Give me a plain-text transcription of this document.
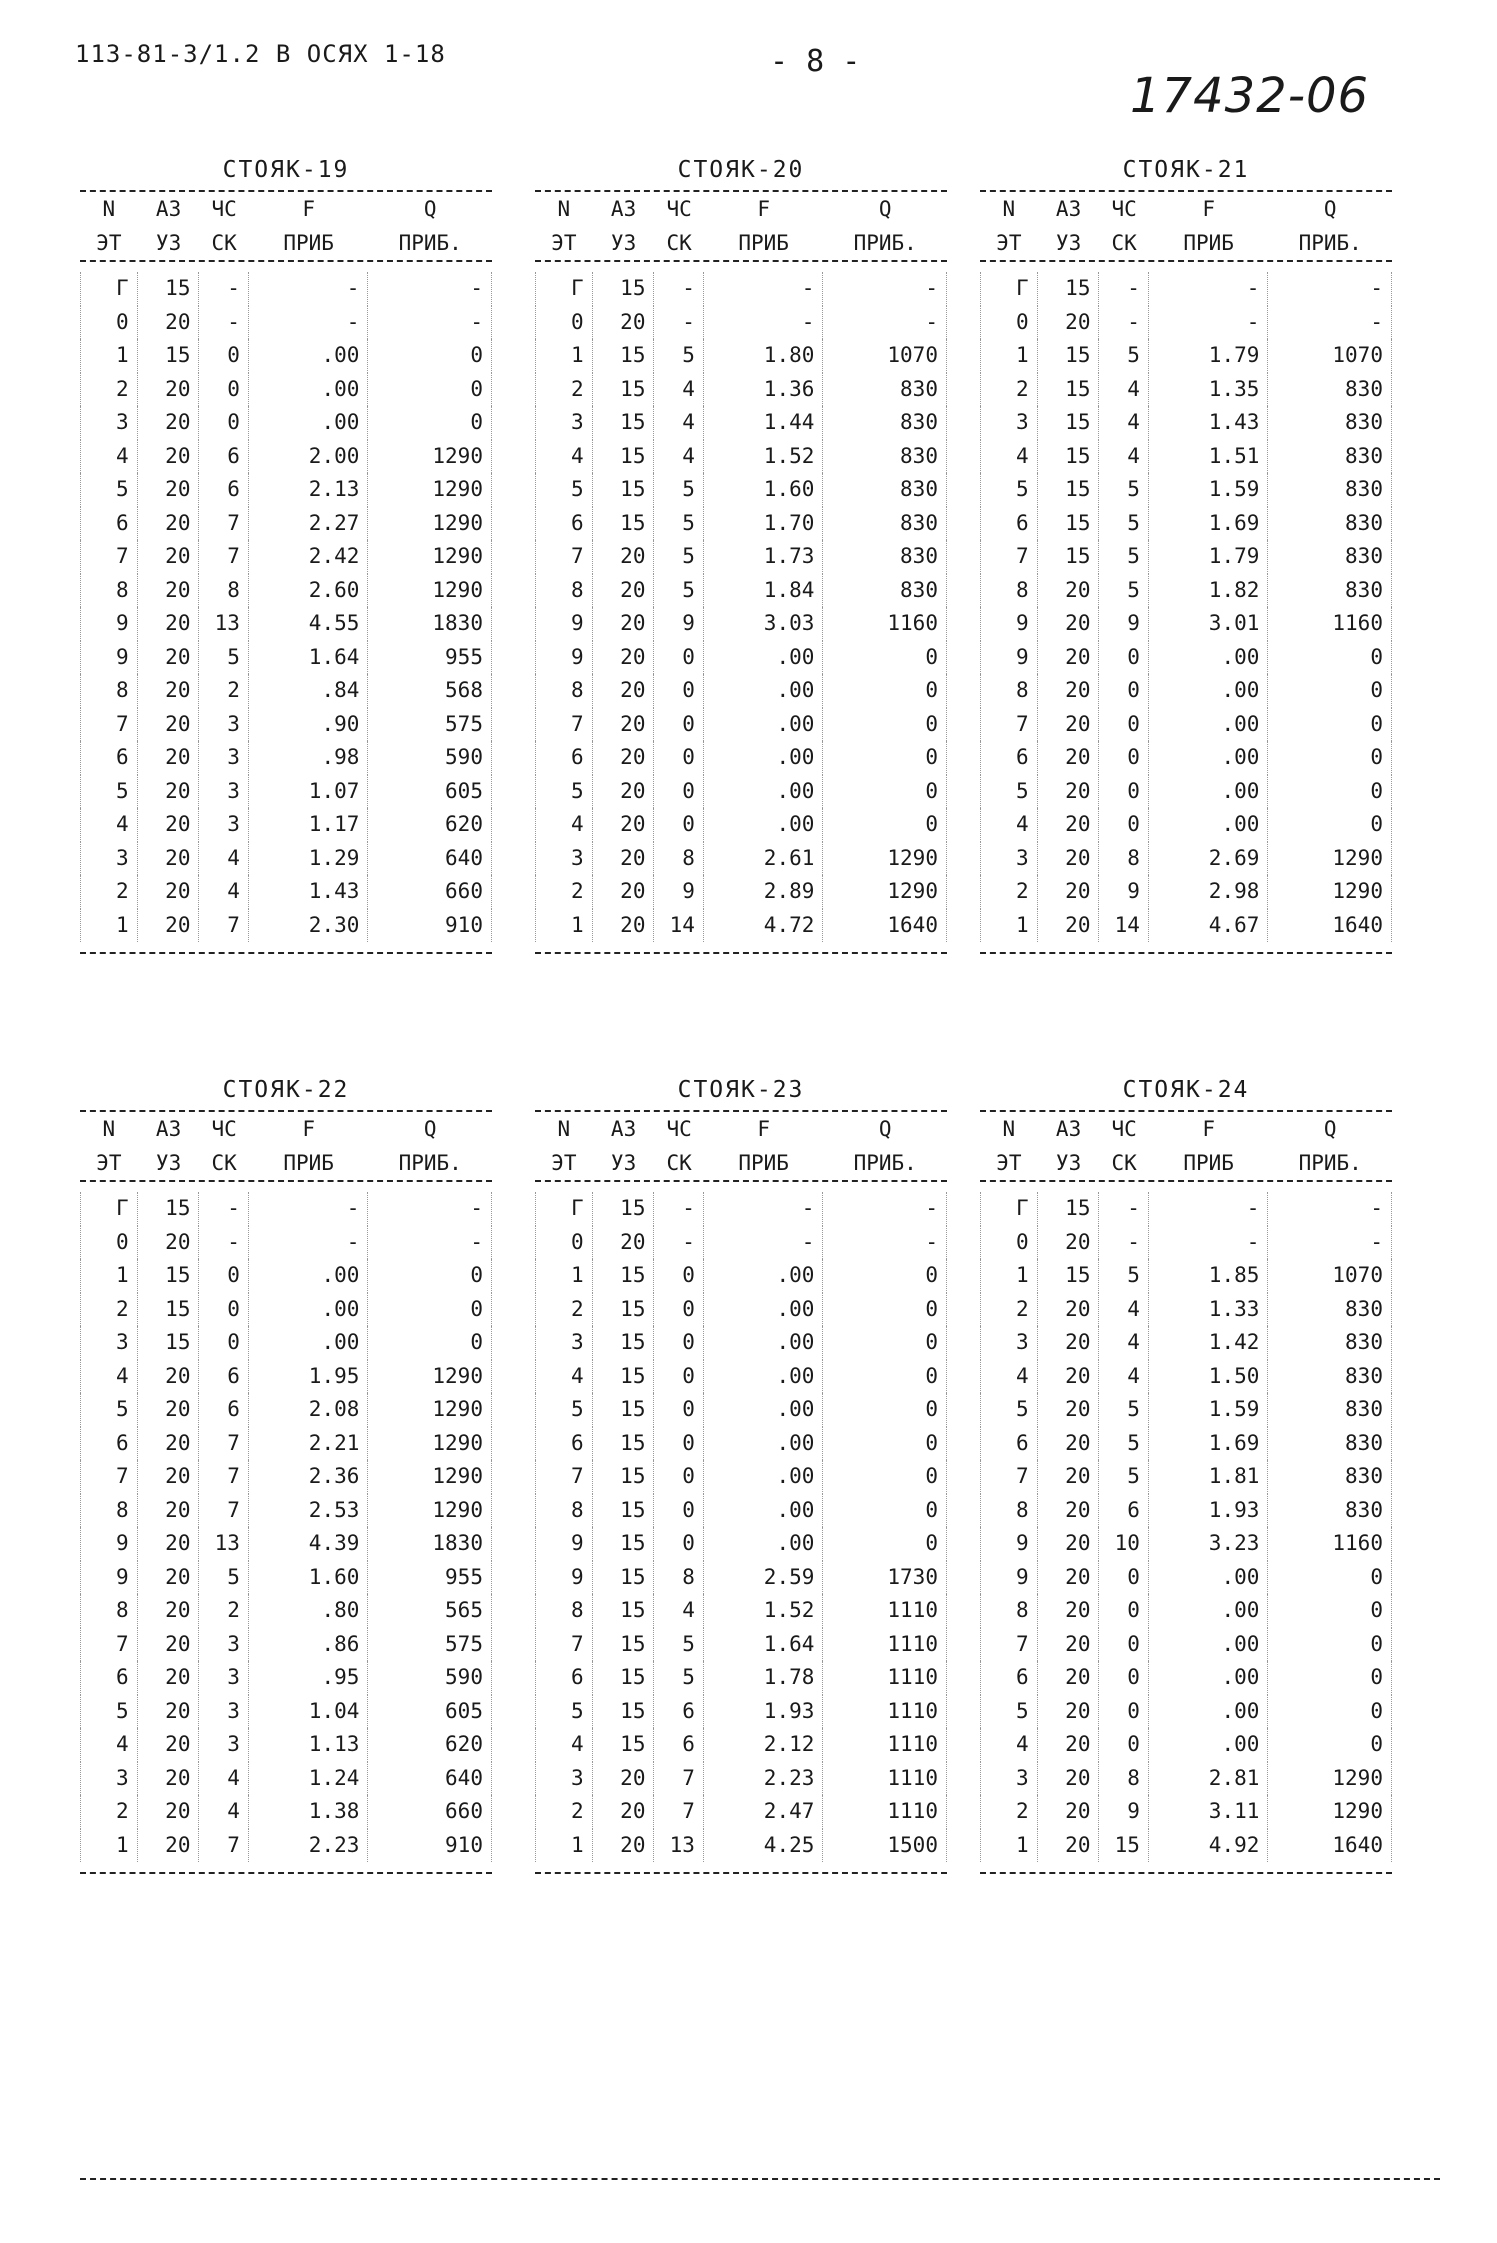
113-81-3/1.2 В ОСЯХ 1-18	- 8 -
17432-06
СТОЯК-19
N	АЗ	ЧС	F	Q
ЭТ	УЗ	СК	ПРИБ	ПРИБ.
Г	15	-	-	-
0	20	-	-	-
1	15	0	.00	0
2	20	0	.00	0
3	20	0	.00	0
4	20	6	2.00	1290
5	20	6	2.13	1290
6	20	7	2.27	1290
7	20	7	2.42	1290
8	20	8	2.60	1290
9	20	13	4.55	1830
9	20	5	1.64	955
8	20	2	.84	568
7	20	3	.90	575
6	20	3	.98	590
5	20	3	1.07	605
4	20	3	1.17	620
3	20	4	1.29	640
2	20	4	1.43	660
1	20	7	2.30	910
СТОЯК-20
N	АЗ	ЧС	F	Q
ЭТ	УЗ	СК	ПРИБ	ПРИБ.
Г	15	-	-	-
0	20	-	-	-
1	15	5	1.80	1070
2	15	4	1.36	830
3	15	4	1.44	830
4	15	4	1.52	830
5	15	5	1.60	830
6	15	5	1.70	830
7	20	5	1.73	830
8	20	5	1.84	830
9	20	9	3.03	1160
9	20	0	.00	0
8	20	0	.00	0
7	20	0	.00	0
6	20	0	.00	0
5	20	0	.00	0
4	20	0	.00	0
3	20	8	2.61	1290
2	20	9	2.89	1290
1	20	14	4.72	1640
СТОЯК-21
N	АЗ	ЧС	F	Q
ЭТ	УЗ	СК	ПРИБ	ПРИБ.
Г	15	-	-	-
0	20	-	-	-
1	15	5	1.79	1070
2	15	4	1.35	830
3	15	4	1.43	830
4	15	4	1.51	830
5	15	5	1.59	830
6	15	5	1.69	830
7	15	5	1.79	830
8	20	5	1.82	830
9	20	9	3.01	1160
9	20	0	.00	0
8	20	0	.00	0
7	20	0	.00	0
6	20	0	.00	0
5	20	0	.00	0
4	20	0	.00	0
3	20	8	2.69	1290
2	20	9	2.98	1290
1	20	14	4.67	1640
СТОЯК-22
N	АЗ	ЧС	F	Q
ЭТ	УЗ	СК	ПРИБ	ПРИБ.
Г	15	-	-	-
0	20	-	-	-
1	15	0	.00	0
2	15	0	.00	0
3	15	0	.00	0
4	20	6	1.95	1290
5	20	6	2.08	1290
6	20	7	2.21	1290
7	20	7	2.36	1290
8	20	7	2.53	1290
9	20	13	4.39	1830
9	20	5	1.60	955
8	20	2	.80	565
7	20	3	.86	575
6	20	3	.95	590
5	20	3	1.04	605
4	20	3	1.13	620
3	20	4	1.24	640
2	20	4	1.38	660
1	20	7	2.23	910
СТОЯК-23
N	АЗ	ЧС	F	Q
ЭТ	УЗ	СК	ПРИБ	ПРИБ.
Г	15	-	-	-
0	20	-	-	-
1	15	0	.00	0
2	15	0	.00	0
3	15	0	.00	0
4	15	0	.00	0
5	15	0	.00	0
6	15	0	.00	0
7	15	0	.00	0
8	15	0	.00	0
9	15	0	.00	0
9	15	8	2.59	1730
8	15	4	1.52	1110
7	15	5	1.64	1110
6	15	5	1.78	1110
5	15	6	1.93	1110
4	15	6	2.12	1110
3	20	7	2.23	1110
2	20	7	2.47	1110
1	20	13	4.25	1500
СТОЯК-24
N	АЗ	ЧС	F	Q
ЭТ	УЗ	СК	ПРИБ	ПРИБ.
Г	15	-	-	-
0	20	-	-	-
1	15	5	1.85	1070
2	20	4	1.33	830
3	20	4	1.42	830
4	20	4	1.50	830
5	20	5	1.59	830
6	20	5	1.69	830
7	20	5	1.81	830
8	20	6	1.93	830
9	20	10	3.23	1160
9	20	0	.00	0
8	20	0	.00	0
7	20	0	.00	0
6	20	0	.00	0
5	20	0	.00	0
4	20	0	.00	0
3	20	8	2.81	1290
2	20	9	3.11	1290
1	20	15	4.92	1640
